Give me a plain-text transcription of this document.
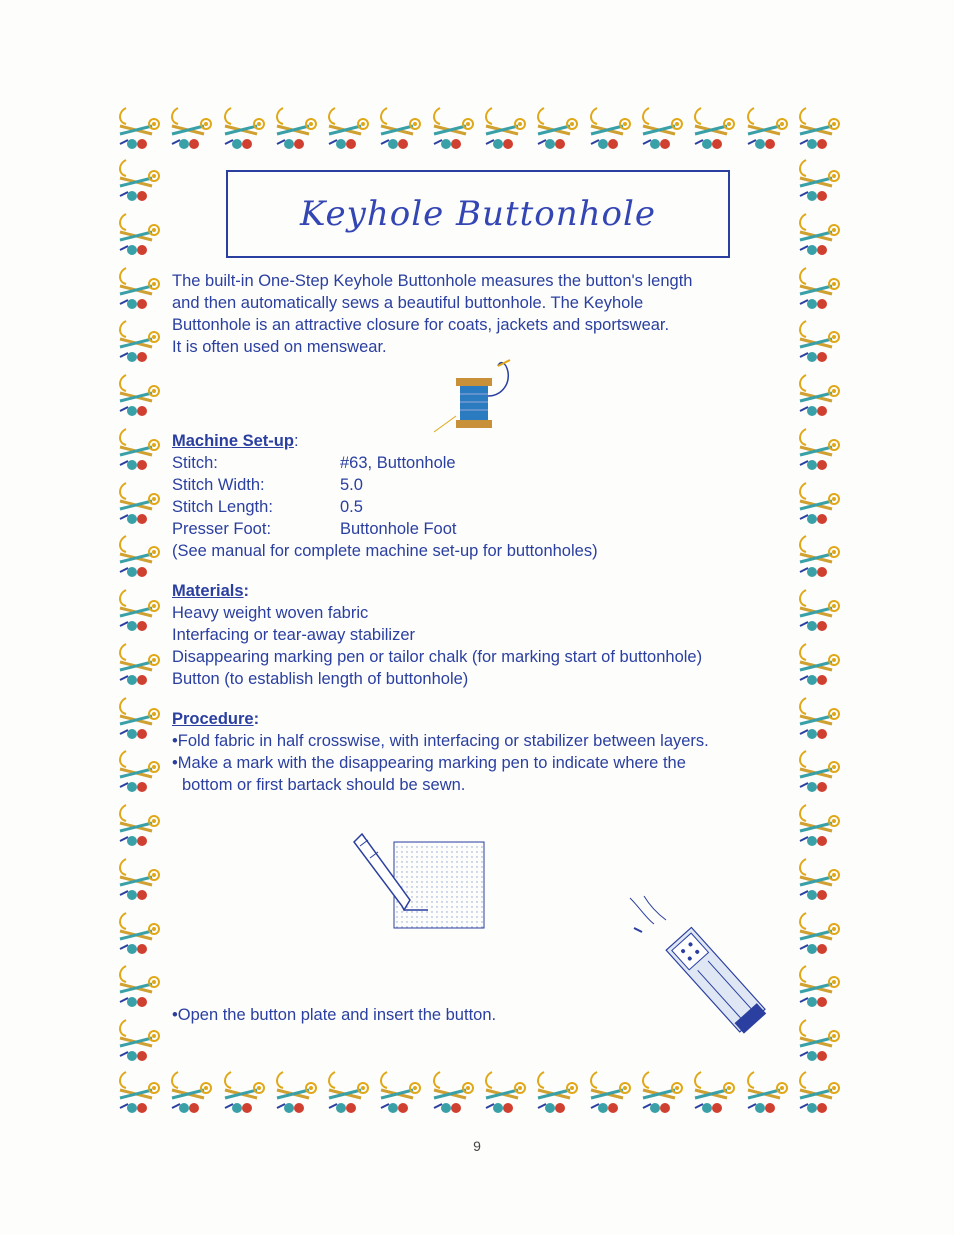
Keyhole Buttonhole
The built-in One-Step Keyhole Buttonhole measures the button's length
and then automatically sews a beautiful buttonhole. The Keyhole
Buttonhole is an attractive closure for coats, jackets and sportswear.
It is often used on menswear.
Machine Set-up:
Stitch:	#63, Buttonhole
Stitch Width:	5.0
Stitch Length:	0.5
Presser Foot:	Buttonhole Foot
(See manual for complete machine set-up for buttonholes)
Materials:
Heavy weight woven fabric
Interfacing or tear-away stabilizer
Disappearing marking pen or tailor chalk (for marking start of buttonhole)
Button (to establish length of buttonhole)
Procedure:
•Fold fabric in half crosswise, with interfacing or stabilizer between layers.
•Make a mark with the disappearing marking pen to indicate where the
bottom or first bartack should be sewn.
•Open the button plate and insert the button.
9
